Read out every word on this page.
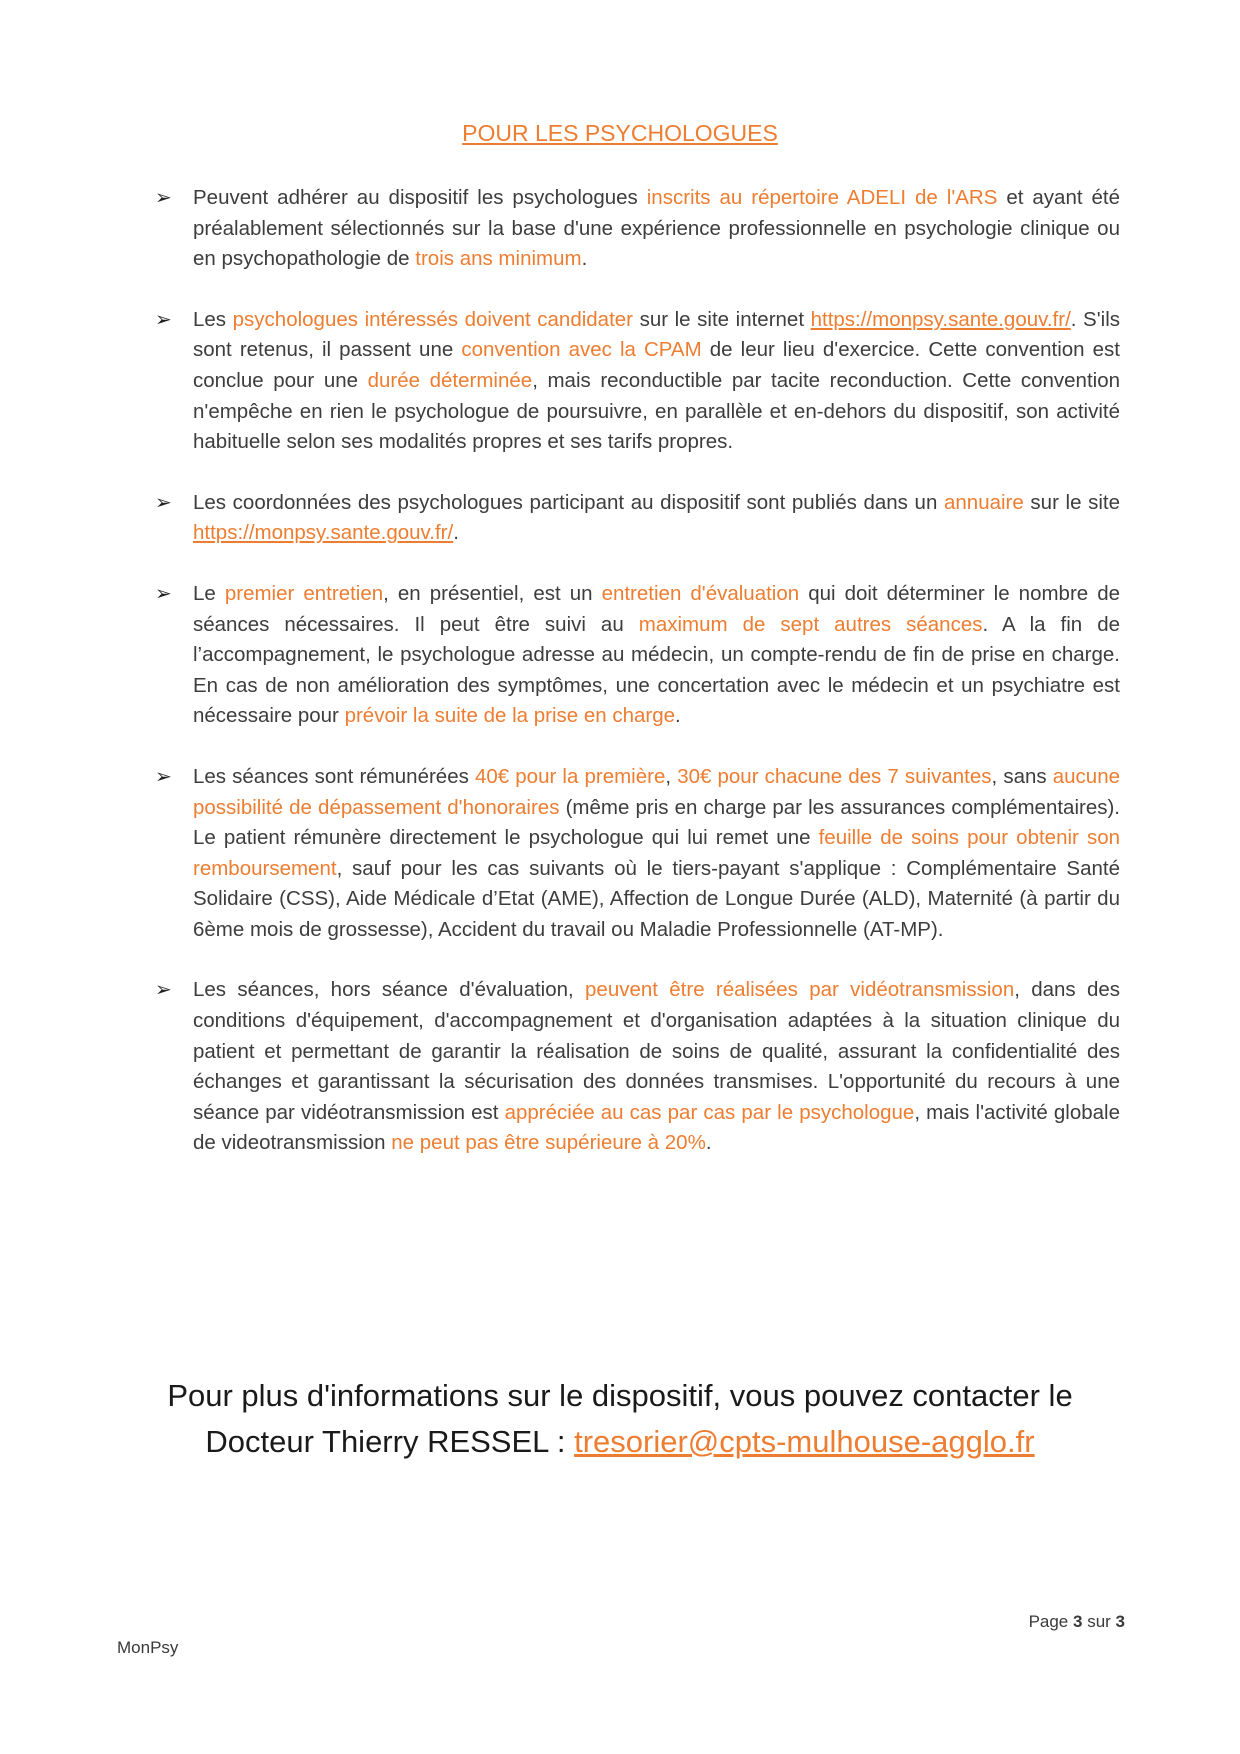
POUR LES PSYCHOLOGUES
➢ Peuvent adhérer au dispositif les psychologues inscrits au répertoire ADELI de l'ARS et ayant été préalablement sélectionnés sur la base d'une expérience professionnelle en psychologie clinique ou en psychopathologie de trois ans minimum.
➢ Les psychologues intéressés doivent candidater sur le site internet https://monpsy.sante.gouv.fr/. S'ils sont retenus, il passent une convention avec la CPAM de leur lieu d'exercice. Cette convention est conclue pour une durée déterminée, mais reconductible par tacite reconduction. Cette convention n'empêche en rien le psychologue de poursuivre, en parallèle et en-dehors du dispositif, son activité habituelle selon ses modalités propres et ses tarifs propres.
➢ Les coordonnées des psychologues participant au dispositif sont publiés dans un annuaire sur le site https://monpsy.sante.gouv.fr/.
➢ Le premier entretien, en présentiel, est un entretien d'évaluation qui doit déterminer le nombre de séances nécessaires. Il peut être suivi au maximum de sept autres séances. A la fin de l’accompagnement, le psychologue adresse au médecin, un compte-rendu de fin de prise en charge. En cas de non amélioration des symptômes, une concertation avec le médecin et un psychiatre est nécessaire pour prévoir la suite de la prise en charge.
➢ Les séances sont rémunérées 40€ pour la première, 30€ pour chacune des 7 suivantes, sans aucune possibilité de dépassement d'honoraires (même pris en charge par les assurances complémentaires). Le patient rémunère directement le psychologue qui lui remet une feuille de soins pour obtenir son remboursement, sauf pour les cas suivants où le tiers-payant s'applique : Complémentaire Santé Solidaire (CSS), Aide Médicale d’Etat (AME), Affection de Longue Durée (ALD), Maternité (à partir du 6ème mois de grossesse), Accident du travail ou Maladie Professionnelle (AT-MP).
➢ Les séances, hors séance d'évaluation, peuvent être réalisées par vidéotransmission, dans des conditions d'équipement, d'accompagnement et d'organisation adaptées à la situation clinique du patient et permettant de garantir la réalisation de soins de qualité, assurant la confidentialité des échanges et garantissant la sécurisation des données transmises. L'opportunité du recours à une séance par vidéotransmission est appréciée au cas par cas par le psychologue, mais l'activité globale de videotransmission ne peut pas être supérieure à 20%.
Pour plus d'informations sur le dispositif, vous pouvez contacter le
Docteur Thierry RESSEL : tresorier@cpts-mulhouse-agglo.fr
Page 3 sur 3
MonPsy
